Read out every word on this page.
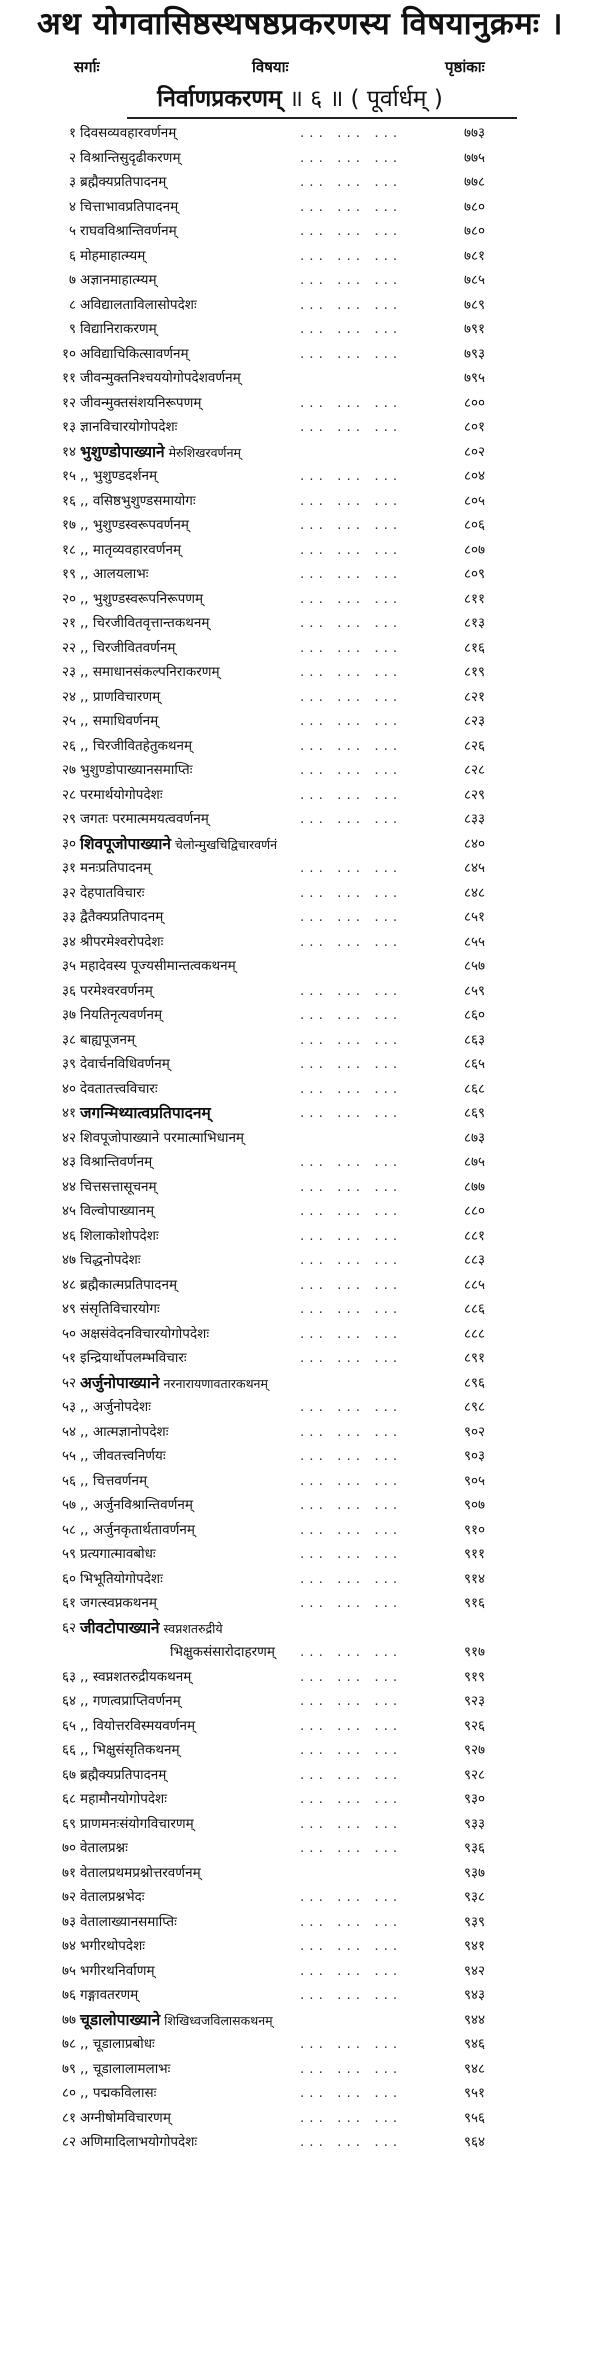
अथ योगवासिष्ठस्थषष्ठप्रकरणस्य विषयानुक्रमः ।
सर्गाः	विषयाः	पृष्ठांकाः
निर्वाणप्रकरणम् ॥ ६ ॥ ( पूर्वार्धम् )
१ दिवसव्यवहारवर्णनम्	... ... ...	७७३
२ विश्रान्तिसुदृढीकरणम्	... ... ...	७७५
३ ब्रह्मैक्यप्रतिपादनम्	... ... ...	७७८
४ चित्ताभावप्रतिपादनम्	... ... ...	७८०
५ राघवविश्रान्तिवर्णनम्	... ... ...	७८०
६ मोहमाहात्म्यम्	... ... ...	७८१
७ अज्ञानमाहात्म्यम्	... ... ...	७८५
८ अविद्यालताविलासोपदेशः	... ... ...	७८९
९ विद्यानिराकरणम्	... ... ...	७९१
१० अविद्याचिकित्सावर्णनम्	... ... ...	७९३
११ जीवन्मुक्तनिश्चययोगोपदेशवर्णनम्	७९५
१२ जीवन्मुक्तसंशयनिरूपणम्	... ... ...	८००
१३ ज्ञानविचारयोगोपदेशः	... ... ...	८०१
१४ भुशुण्डोपाख्याने मेरुशिखरवर्णनम्	८०२
१५ ,, भुशुण्डदर्शनम्	... ... ...	८०४
१६ ,, वसिष्ठभुशुण्डसमायोगः	... ... ...	८०५
१७ ,, भुशुण्डस्वरूपवर्णनम्	... ... ...	८०६
१८ ,, मातृव्यवहारवर्णनम्	... ... ...	८०७
१९ ,, आलयलाभः	... ... ...	८०९
२० ,, भुशुण्डस्वरूपनिरूपणम्	... ... ...	८११
२१ ,, चिरजीवितवृत्तान्तकथनम्	... ... ...	८१३
२२ ,, चिरजीवितवर्णनम्	... ... ...	८१६
२३ ,, समाधानसंकल्पनिराकरणम्	... ... ...	८१९
२४ ,, प्राणविचारणम्	... ... ...	८२१
२५ ,, समाधिवर्णनम्	... ... ...	८२३
२६ ,, चिरजीवितहेतुकथनम्	... ... ...	८२६
२७ भुशुण्डोपाख्यानसमाप्तिः	... ... ...	८२८
२८ परमार्थयोगोपदेशः	... ... ...	८२९
२९ जगतः परमात्ममयत्ववर्णनम्	... ... ...	८३३
३० शिवपूजोपाख्याने चेलोन्मुखचिद्विचारवर्णनं	८४०
३१ मनःप्रतिपादनम्	... ... ...	८४५
३२ देहपातविचारः	... ... ...	८४८
३३ द्वैतैक्यप्रतिपादनम्	... ... ...	८५१
३४ श्रीपरमेश्वरोपदेशः	... ... ...	८५५
३५ महादेवस्य पूज्यसीमान्तत्वकथनम्	८५७
३६ परमेश्वरवर्णनम्	... ... ...	८५९
३७ नियतिनृत्यवर्णनम्	... ... ...	८६०
३८ बाह्यपूजनम्	... ... ...	८६३
३९ देवार्चनविधिवर्णनम्	... ... ...	८६५
४० देवतातत्त्वविचारः	... ... ...	८६८
४१ जगन्मिथ्यात्वप्रतिपादनम्	... ... ...	८६९
४२ शिवपूजोपाख्याने परमात्माभिधानम्	८७३
४३ विश्रान्तिवर्णनम्	... ... ...	८७५
४४ चित्तसत्तासूचनम्	... ... ...	८७७
४५ विल्वोपाख्यानम्	... ... ...	८८०
४६ शिलाकोशोपदेशः	... ... ...	८८१
४७ चिद्धनोपदेशः	... ... ...	८८३
४८ ब्रह्मैकात्मप्रतिपादनम्	... ... ...	८८५
४९ संसृतिविचारयोगः	... ... ...	८८६
५० अक्षसंवेदनविचारयोगोपदेशः	... ... ...	८८८
५१ इन्द्रियार्थोपलम्भविचारः	... ... ...	८९१
५२ अर्जुनोपाख्याने नरनारायणावतारकथनम्	८९६
५३ ,, अर्जुनोपदेशः	... ... ...	८९८
५४ ,, आत्मज्ञानोपदेशः	... ... ...	९०२
५५ ,, जीवतत्त्वनिर्णयः	... ... ...	९०३
५६ ,, चित्तवर्णनम्	... ... ...	९०५
५७ ,, अर्जुनविश्रान्तिवर्णनम्	... ... ...	९०७
५८ ,, अर्जुनकृतार्थतावर्णनम्	... ... ...	९१०
५९ प्रत्यगात्मावबोधः	... ... ...	९११
६० भिभूतियोगोपदेशः	... ... ...	९१४
६१ जगत्स्वप्नकथनम्	... ... ...	९१६
६२ जीवटोपाख्याने स्वप्नशतरुद्रीये
भिक्षुकसंसारोदाहरणम् ... ... ...	९१७
६३ ,, स्वप्नशतरुद्रीयकथनम्	... ... ...	९१९
६४ ,, गणत्वप्राप्तिवर्णनम्	... ... ...	९२३
६५ ,, वियोत्तरविस्मयवर्णनम्	... ... ...	९२६
६६ ,, भिक्षुसंसृतिकथनम्	... ... ...	९२७
६७ ब्रह्मैक्यप्रतिपादनम्	... ... ...	९२८
६८ महामौनयोगोपदेशः	... ... ...	९३०
६९ प्राणमनःसंयोगविचारणम्	... ... ...	९३३
७० वेतालप्रश्नः	... ... ...	९३६
७१ वेतालप्रथमप्रश्नोत्तरवर्णनम्	९३७
७२ वेतालप्रश्नभेदः	... ... ...	९३८
७३ वेतालाख्यानसमाप्तिः	... ... ...	९३९
७४ भगीरथोपदेशः	... ... ...	९४१
७५ भगीरथनिर्वाणम्	... ... ...	९४२
७६ गङ्गावतरणम्	... ... ...	९४३
७७ चूडालोपाख्याने शिखिध्वजविलासकथनम्	९४४
७८ ,, चूडालाप्रबोधः	... ... ...	९४६
७९ ,, चूडालालामलाभः	... ... ...	९४८
८० ,, पद्मकविलासः	... ... ...	९५१
८१ अग्नीषोमविचारणम्	... ... ...	९५६
८२ अणिमादिलाभयोगोपदेशः	... ... ...	९६४
